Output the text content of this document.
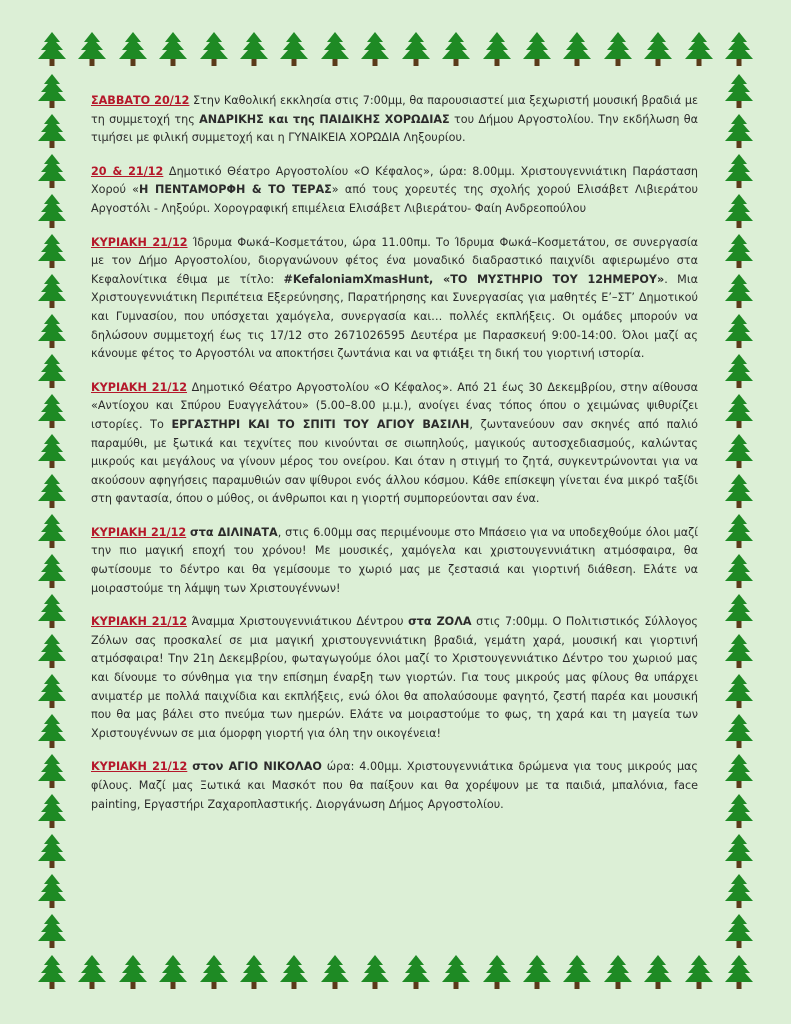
ΣΑΒΒΑΤΟ 20/12 Στην Καθολική εκκλησία στις 7:00μμ, θα παρουσιαστεί μια ξεχωριστή μουσική βραδιά με τη συμμετοχή της ΑΝΔΡΙΚΗΣ και της ΠΑΙΔΙΚΗΣ ΧΟΡΩΔΙΑΣ του Δήμου Αργοστολίου. Την εκδήλωση θα τιμήσει με φιλική συμμετοχή και η ΓΥΝΑΙΚΕΙΑ ΧΟΡΩΔΙΑ Ληξουρίου.

20 & 21/12 Δημοτικό Θέατρο Αργοστολίου «Ο Κέφαλος», ώρα: 8.00μμ. Χριστουγεννιάτικη Παράσταση Χορού «Η ΠΕΝΤΑΜΟΡΦΗ & ΤΟ ΤΕΡΑΣ» από τους χορευτές της σχολής χορού Ελισάβετ Λιβιεράτου Αργοστόλι - Ληξούρι. Χορογραφική επιμέλεια Ελισάβετ Λιβιεράτου- Φαίη Ανδρεοπούλου

ΚΥΡΙΑΚΗ 21/12 Ίδρυμα Φωκά–Κοσμετάτου, ώρα 11.00πμ. Το Ίδρυμα Φωκά–Κοσμετάτου, σε συνεργασία με τον Δήμο Αργοστολίου, διοργανώνουν φέτος ένα μοναδικό διαδραστικό παιχνίδι αφιερωμένο στα Κεφαλονίτικα έθιμα με τίτλο: #KefaloniamXmasHunt, «ΤΟ ΜΥΣΤΗΡΙΟ ΤΟΥ 12ΗΜΕΡΟΥ». Μια Χριστουγεννιάτικη Περιπέτεια Εξερεύνησης, Παρατήρησης και Συνεργασίας για μαθητές Ε’–ΣΤ’ Δημοτικού και Γυμνασίου, που υπόσχεται χαμόγελα, συνεργασία και… πολλές εκπλήξεις. Οι ομάδες μπορούν να δηλώσουν συμμετοχή έως τις 17/12 στο 2671026595 Δευτέρα με Παρασκευή 9:00-14:00. Όλοι μαζί ας κάνουμε φέτος το Αργοστόλι να αποκτήσει ζωντάνια και να φτιάξει τη δική του γιορτινή ιστορία.

ΚΥΡΙΑΚΗ 21/12 Δημοτικό Θέατρο Αργοστολίου «Ο Κέφαλος». Από 21 έως 30 Δεκεμβρίου, στην αίθουσα «Αντίοχου και Σπύρου Ευαγγελάτου» (5.00–8.00 μ.μ.), ανοίγει ένας τόπος όπου ο χειμώνας ψιθυρίζει ιστορίες. Το ΕΡΓΑΣΤΗΡΙ ΚΑΙ ΤΟ ΣΠΙΤΙ ΤΟΥ ΑΓΙΟΥ ΒΑΣΙΛΗ, ζωντανεύουν σαν σκηνές από παλιό παραμύθι, με ξωτικά και τεχνίτες που κινούνται σε σιωπηλούς, μαγικούς αυτοσχεδιασμούς, καλώντας μικρούς και μεγάλους να γίνουν μέρος του ονείρου. Και όταν η στιγμή το ζητά, συγκεντρώνονται για να ακούσουν αφηγήσεις παραμυθιών σαν ψίθυροι ενός άλλου κόσμου. Κάθε επίσκεψη γίνεται ένα μικρό ταξίδι στη φαντασία, όπου ο μύθος, οι άνθρωποι και η γιορτή συμπορεύονται σαν ένα.

ΚΥΡΙΑΚΗ 21/12 στα ΔΙΛΙΝΑΤΑ, στις 6.00μμ σας περιμένουμε στο Μπάσειο για να υποδεχθούμε όλοι μαζί την πιο μαγική εποχή του χρόνου! Με μουσικές, χαμόγελα και χριστουγεννιάτικη ατμόσφαιρα, θα φωτίσουμε το δέντρο και θα γεμίσουμε το χωριό μας με ζεστασιά και γιορτινή διάθεση. Ελάτε να μοιραστούμε τη λάμψη των Χριστουγέννων!

ΚΥΡΙΑΚΗ 21/12 Άναμμα Χριστουγεννιάτικου Δέντρου στα ΖΟΛΑ στις 7:00μμ. Ο Πολιτιστικός Σύλλογος Ζόλων σας προσκαλεί σε μια μαγική χριστουγεννιάτικη βραδιά, γεμάτη χαρά, μουσική και γιορτινή ατμόσφαιρα! Την 21η Δεκεμβρίου, φωταγωγούμε όλοι μαζί το Χριστουγεννιάτικο Δέντρο του χωριού μας και δίνουμε το σύνθημα για την επίσημη έναρξη των γιορτών. Για τους μικρούς μας φίλους θα υπάρχει ανιματέρ με πολλά παιχνίδια και εκπλήξεις, ενώ όλοι θα απολαύσουμε φαγητό, ζεστή παρέα και μουσική που θα μας βάλει στο πνεύμα των ημερών. Ελάτε να μοιραστούμε το φως, τη χαρά και τη μαγεία των Χριστουγέννων σε μια όμορφη γιορτή για όλη την οικογένεια!

ΚΥΡΙΑΚΗ 21/12 στον ΑΓΙΟ ΝΙΚΟΛΑΟ ώρα: 4.00μμ. Χριστουγεννιάτικα δρώμενα για τους μικρούς μας φίλους. Μαζί μας Ξωτικά και Μασκότ που θα παίξουν και θα χορέψουν με τα παιδιά, μπαλόνια, face painting, Εργαστήρι Ζαχαροπλαστικής. Διοργάνωση Δήμος Αργοστολίου.
